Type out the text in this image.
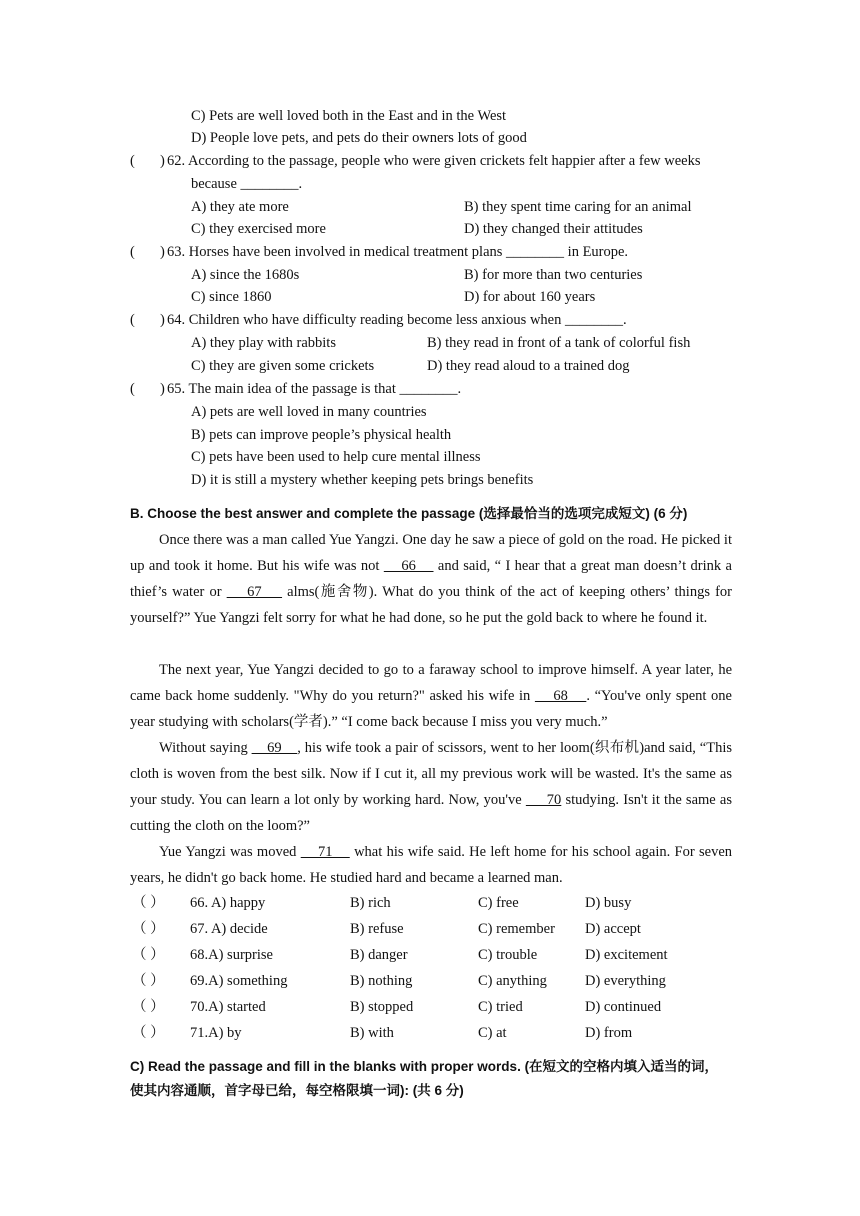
C) Pets are well loved both in the East and in the West
D) People love pets, and pets do their owners lots of good
( ) 62. According to the passage, people who were given crickets felt happier after a few weeks
because ________.
A) they ate more	B) they spent time caring for an animal
C) they exercised more	D) they changed their attitudes
( ) 63. Horses have been involved in medical treatment plans ________ in Europe.
A) since the 1680s	B) for more than two centuries
C) since 1860	D) for about 160 years
( ) 64. Children who have difficulty reading become less anxious when ________.
A) they play with rabbits	B) they read in front of a tank of colorful fish
C) they are given some crickets	D) they read aloud to a trained dog
( ) 65. The main idea of the passage is that ________.
A) pets are well loved in many countries
B) pets can improve people’s physical health
C) pets have been used to help cure mental illness
D) it is still a mystery whether keeping pets brings benefits
B. Choose the best answer and complete the passage (选择最恰当的选项完成短文) (6 分)

Once there was a man called Yue Yangzi. One day he saw a piece of gold on the road. He picked it up and took it home. But his wife was not     66     and said, “ I hear that a great man doesn’t drink a thief’s water or     67     alms(施舍物). What do you think of the act of keeping others’ things for yourself?” Yue Yangzi felt sorry for what he had done, so he put the gold back to where he found it.

The next year, Yue Yangzi decided to go to a faraway school to improve himself. A year later, he came back home suddenly. "Why do you return?" asked his wife in     68    . “You've only spent one year studying with scholars(学者).” “I come back because I miss you very much.”

Without saying     69    , his wife took a pair of scissors, went to her loom(织布机)and said, “This cloth is woven from the best silk. Now if I cut it, all my previous work will be wasted. It's the same as your study. You can learn a lot only by working hard. Now, you've      70 studying. Isn't it the same as cutting the cloth on the loom?”

Yue Yangzi was moved     71     what his wife said. He left home for his school again. For seven years, he didn't go back home. He studied hard and became a learned man.

（ ） 66. A) happy	B) rich	C) free	D) busy
（ ） 67. A) decide	B) refuse	C) remember D) accept
（ ） 68.A) surprise	B) danger	C) trouble	D) excitement
（ ） 69.A) something	B) nothing	C) anything	D) everything
（ ） 70.A) started	B) stopped	C) tried	D) continued
（ ） 71.A) by	B) with	C) at	D) from
C) Read the passage and fill in the blanks with proper words. (在短文的空格内填入适当的词，
使其内容通顺，首字母已给，每空格限填一词): (共 6 分)
